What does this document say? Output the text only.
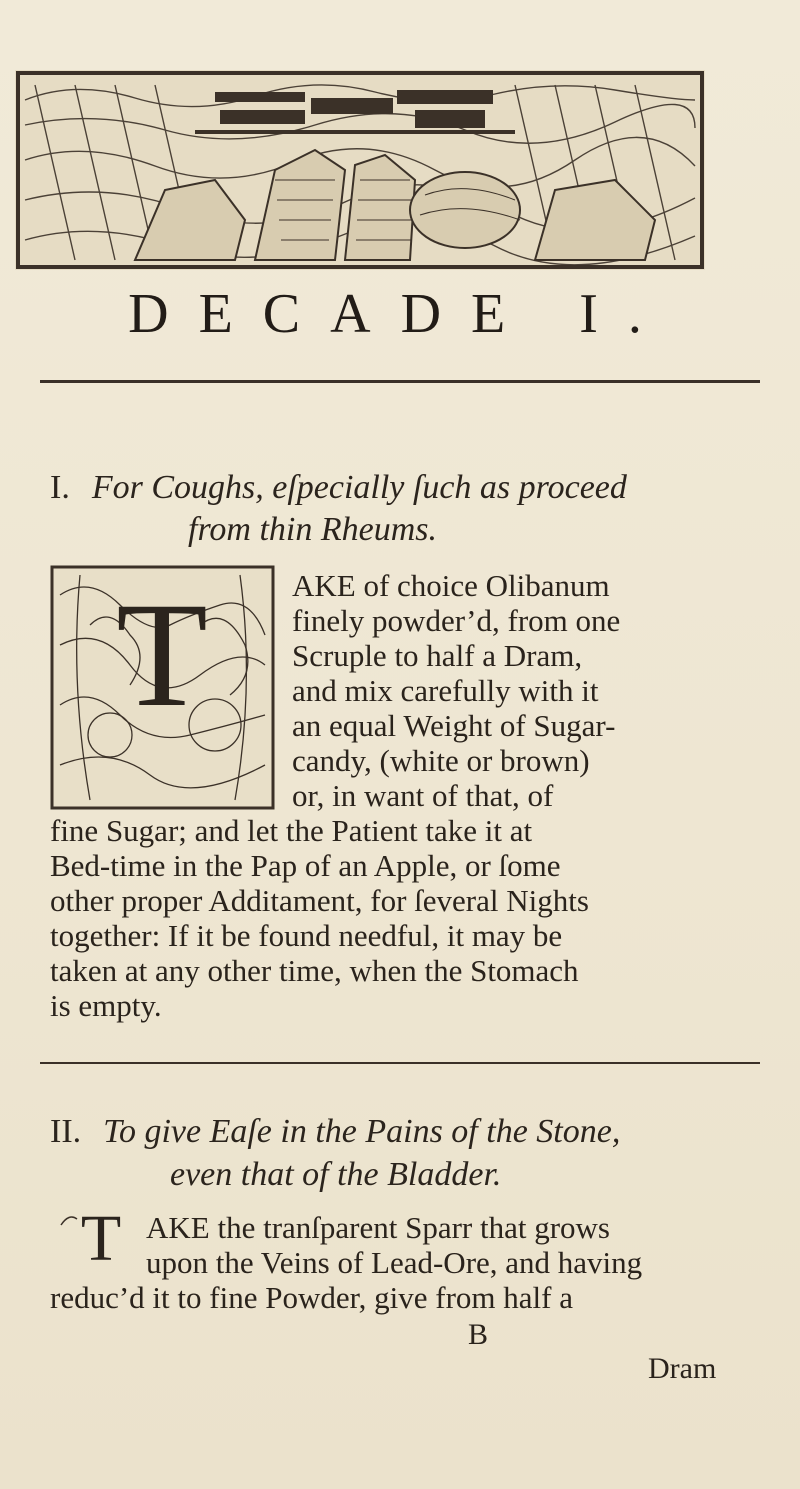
DECADE I.
I. For Coughs, eſpecially ſuch as proceed
from thin Rheums.
T	AKE of choice Olibanum
finely powder’d, from one
Scruple to half a Dram,
and mix carefully with it
an equal Weight of Sugar-
candy, (white or brown)
or, in want of that, of
fine Sugar; and let the Patient take it at
Bed-time in the Pap of an Apple, or ſome
other proper Additament, for ſeveral Nights
together: If it be found needful, it may be
taken at any other time, when the Stomach
is empty.
II. To give Eaſe in the Pains of the Stone,
even that of the Bladder.
T AKE the tranſparent Sparr that grows
upon the Veins of Lead-Ore, and having
reduc’d it to fine Powder, give from half a
B
Dram
